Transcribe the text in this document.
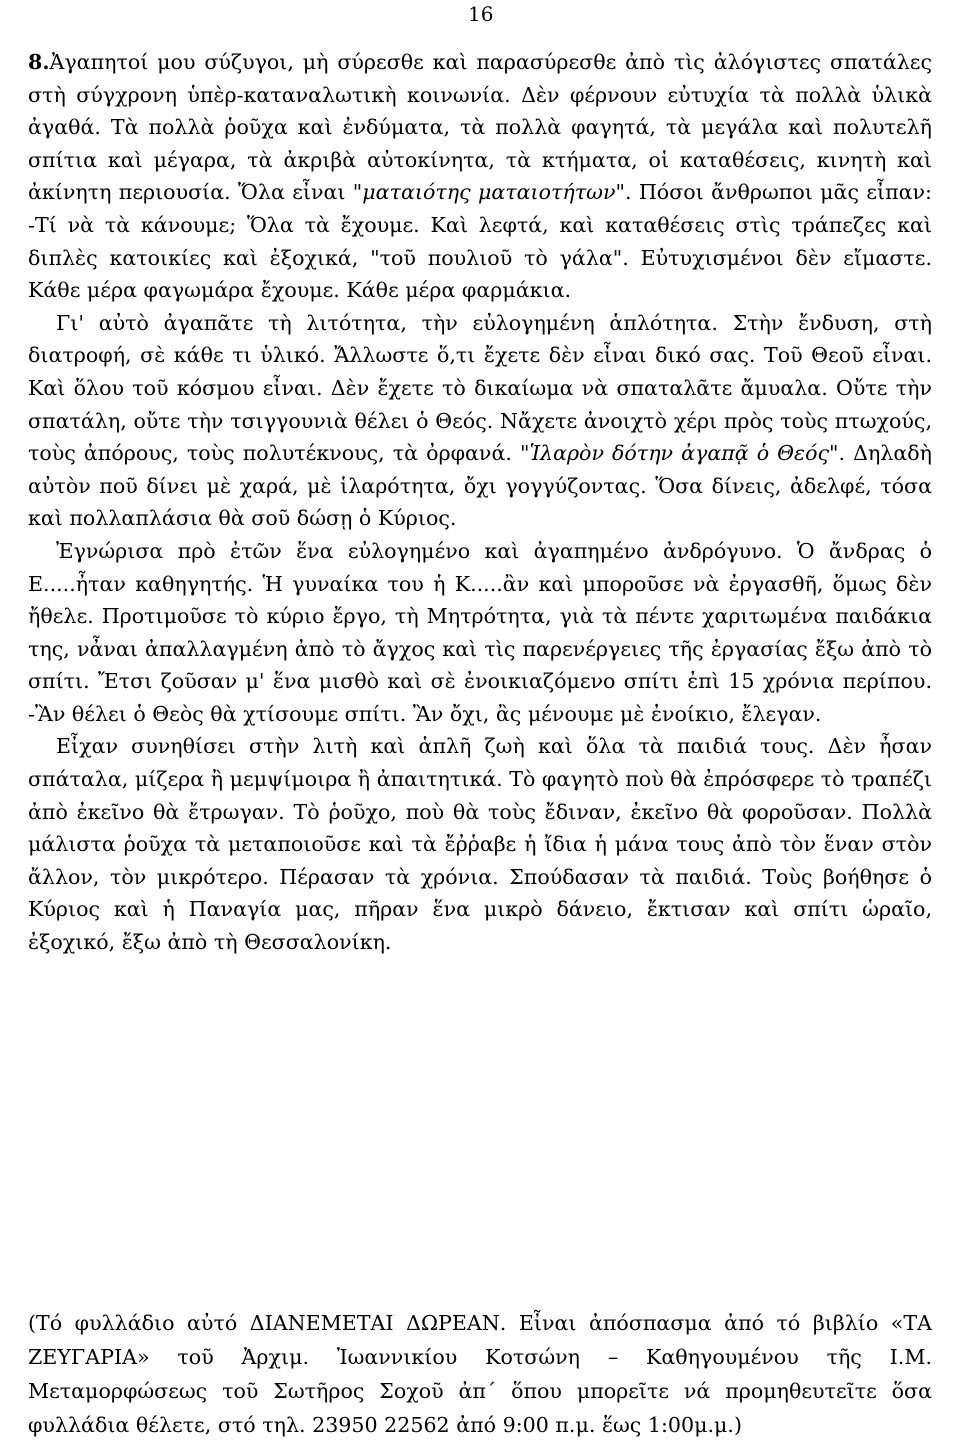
16

8.Ἀγαπητοί μου σύζυγοι, μὴ σύρεσθε καὶ παρασύρεσθε ἀπὸ τὶς ἀλόγιστες σπατάλες στὴ σύγχρονη ὑπὲρ-καταναλωτικὴ κοινωνία. Δὲν φέρνουν εὐτυχία τὰ πολλὰ ὑλικὰ ἀγαθά. Τὰ πολλὰ ῥοῦχα καὶ ἐνδύματα, τὰ πολλὰ φαγητά, τὰ μεγάλα καὶ πολυτελῆ σπίτια καὶ μέγαρα, τὰ ἀκριβὰ αὐτοκίνητα, τὰ κτήματα, οἱ καταθέσεις, κινητὴ καὶ ἀκίνητη περιουσία. Ὅλα εἶναι "ματαιότης ματαιοτήτων". Πόσοι ἄνθρωποι μᾶς εἶπαν: -Τί νὰ τὰ κάνουμε; Ὅλα τὰ ἔχουμε. Καὶ λεφτά, καὶ καταθέσεις στὶς τράπεζες καὶ διπλὲς κατοικίες καὶ ἐξοχικά, "τοῦ πουλιοῦ τὸ γάλα". Εὐτυχισμένοι δὲν εἴμαστε. Κάθε μέρα φαγωμάρα ἔχουμε. Κάθε μέρα φαρμάκια.

Γι' αὐτὸ ἀγαπᾶτε τὴ λιτότητα, τὴν εὐλογημένη ἁπλότητα. Στὴν ἔνδυση, στὴ διατροφή, σὲ κάθε τι ὑλικό. Ἄλλωστε ὅ,τι ἔχετε δὲν εἶναι δικό σας. Τοῦ Θεοῦ εἶναι. Καὶ ὅλου τοῦ κόσμου εἶναι. Δὲν ἔχετε τὸ δικαίωμα νὰ σπαταλᾶτε ἄμυαλα. Οὔτε τὴν σπατάλη, οὔτε τὴν τσιγγουνιὰ θέλει ὁ Θεός. Νἄχετε ἀνοιχτὸ χέρι πρὸς τοὺς πτωχούς, τοὺς ἀπόρους, τοὺς πολυτέκνους, τὰ ὀρφανά. "Ἱλαρὸν δότην ἀγαπᾷ ὁ Θεός". Δηλαδὴ αὐτὸν ποῦ δίνει μὲ χαρά, μὲ ἱλαρότητα, ὄχι γογγύζοντας. Ὅσα δίνεις, ἀδελφέ, τόσα καὶ πολλαπλάσια θὰ σοῦ δώσῃ ὁ Κύριος.

Ἐγνώρισα πρὸ ἐτῶν ἕνα εὐλογημένο καὶ ἀγαπημένο ἀνδρόγυνο. Ὁ ἄνδρας ὁ Ε.....ἦταν καθηγητής. Ἡ γυναίκα του ἡ Κ.....ἂν καὶ μποροῦσε νὰ ἐργασθῆ, ὅμως δὲν ἤθελε. Προτιμοῦσε τὸ κύριο ἔργο, τὴ Μητρότητα, γιὰ τὰ πέντε χαριτωμένα παιδάκια της, νἆναι ἀπαλλαγμένη ἀπὸ τὸ ἄγχος καὶ τὶς παρενέργειες τῆς ἐργασίας ἔξω ἀπὸ τὸ σπίτι. Ἔτσι ζοῦσαν μ' ἕνα μισθὸ καὶ σὲ ἐνοικιαζόμενο σπίτι ἐπὶ 15 χρόνια περίπου. -Ἂν θέλει ὁ Θεὸς θὰ χτίσουμε σπίτι. Ἂν ὄχι, ἂς μένουμε μὲ ἐνοίκιο, ἔλεγαν.

Εἶχαν συνηθίσει στὴν λιτὴ καὶ ἁπλῆ ζωὴ καὶ ὅλα τὰ παιδιά τους. Δὲν ἦσαν σπάταλα, μίζερα ἢ μεμψίμοιρα ἢ ἀπαιτητικά. Τὸ φαγητὸ ποὺ θὰ ἐπρόσφερε τὸ τραπέζι ἀπὸ ἐκεῖνο θὰ ἔτρωγαν. Τὸ ῥοῦχο, ποὺ θὰ τοὺς ἔδιναν, ἐκεῖνο θὰ φοροῦσαν. Πολλὰ μάλιστα ῥοῦχα τὰ μεταποιοῦσε καὶ τὰ ἔῤῥαβε ἡ ἴδια ἡ μάνα τους ἀπὸ τὸν ἕναν στὸν ἄλλον, τὸν μικρότερο. Πέρασαν τὰ χρόνια. Σπούδασαν τὰ παιδιά. Τοὺς βοήθησε ὁ Κύριος καὶ ἡ Παναγία μας, πῆραν ἕνα μικρὸ δάνειο, ἔκτισαν καὶ σπίτι ὡραῖο, ἐξοχικό, ἔξω ἀπὸ τὴ Θεσσαλονίκη.

(Τό φυλλάδιο αὐτό ΔΙΑΝΕΜΕΤΑΙ ΔΩΡΕΑΝ. Εἶναι ἀπόσπασμα ἀπό τό βιβλίο «ΤΑ ΖΕΥΓΑΡΙΑ» τοῦ Ἀρχιμ. Ἰωαννικίου Κοτσώνη – Καθηγουμένου τῆς Ι.Μ. Μεταμορφώσεως τοῦ Σωτῆρος Σοχοῦ ἀπ΄ ὅπου μπορεῖτε νά προμηθευτεῖτε ὅσα φυλλάδια θέλετε, στό τηλ. 23950 22562 ἀπό 9:00 π.μ. ἕως 1:00μ.μ.)
